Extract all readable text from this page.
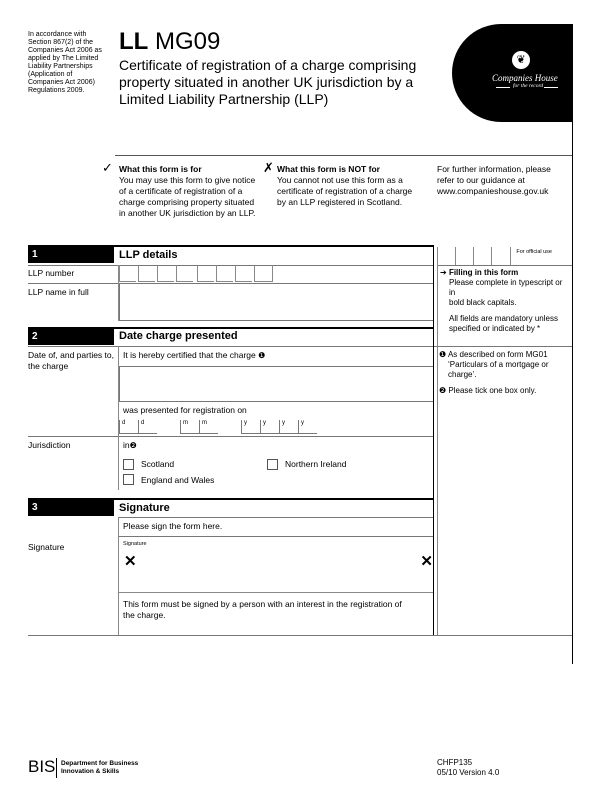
In accordance with
Section 867(2) of the
Companies Act 2006 as
applied by The Limited
Liability Partnerships
(Application of
Companies Act 2006)
Regulations 2009.
LL MG09
Certificate of registration of a charge comprising
property situated in another UK jurisdiction by a
Limited Liability Partnership (LLP)
❦
Companies House
for the record
✓ What this form is for
You may use this form to give notice
of a certificate of registration of a
charge comprising property situated
in another UK jurisdiction by an LLP.
✗ What this form is NOT for
You cannot not use this form as a
certificate of registration of a charge
by an LLP registered in Scotland.
For further information, please
refer to our guidance at
www.companieshouse.gov.uk
1	LLP details	For official use
LLP number
LLP name in full
➔ Filling in this form
Please complete in typescript or in
bold black capitals.
All fields are mandatory unless
specified or indicated by *
2	Date charge presented
Date of, and parties to,
the charge
It is hereby certified that the charge ❶
was presented for registration on
d	d	m	m	y	y	y	y
Jurisdiction	in❷
Scotland	Northern Ireland
England and Wales
❶ As described on form MG01
‘Particulars of a mortgage or charge’.
❷ Please tick one box only.
3	Signature
Please sign the form here.
Signature	Signature
✕	✕
This form must be signed by a person with an interest in the registration of
the charge.
BIS Department for Business
Innovation & Skills
CHFP135
05/10 Version 4.0
